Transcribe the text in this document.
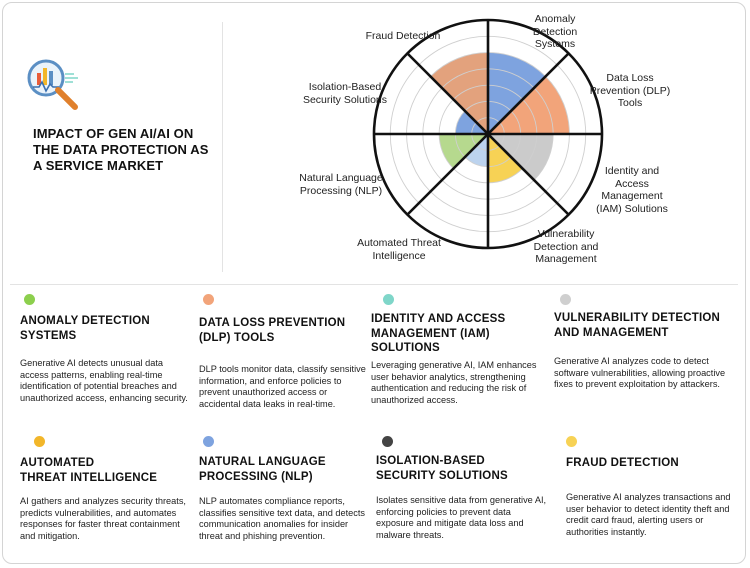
IMPACT OF GEN AI/AI ON THE DATA PROTECTION AS A SERVICE MARKET
Anomaly
Detection
Systems
Data Loss
Prevention (DLP)
Tools
Identity and
Access
Management
(IAM) Solutions
Vulnerability
Detection and
Management
Automated Threat
Intelligence
Natural Language
Processing (NLP)
Isolation-Based
Security Solutions
Fraud Detection
ANOMALY DETECTION
SYSTEMS

Generative AI detects unusual data access patterns, enabling real-time identification of potential breaches and unauthorized access, enhancing security.

DATA LOSS PREVENTION
(DLP) TOOLS

DLP tools monitor data, classify sensitive information, and enforce policies to prevent unauthorized access or accidental data leaks in real-time.

IDENTITY AND ACCESS
MANAGEMENT (IAM)
SOLUTIONS

Leveraging generative AI, IAM enhances user behavior analytics, strengthening authentication and reducing the risk of unauthorized access.

VULNERABILITY DETECTION
AND MANAGEMENT

Generative AI analyzes code to detect software vulnerabilities, allowing proactive fixes to prevent exploitation by attackers.

AUTOMATED
THREAT INTELLIGENCE

AI gathers and analyzes security threats, predicts vulnerabilities, and automates responses for faster threat containment and mitigation.

NATURAL LANGUAGE
PROCESSING (NLP)

NLP automates compliance reports, classifies sensitive text data, and detects communication anomalies for insider threat and phishing prevention.

ISOLATION-BASED
SECURITY SOLUTIONS

Isolates sensitive data from generative AI, enforcing policies to prevent data exposure and mitigate data loss and malware threats.

FRAUD DETECTION

Generative AI analyzes transactions and user behavior to detect identity theft and credit card fraud, alerting users or authorities instantly.
